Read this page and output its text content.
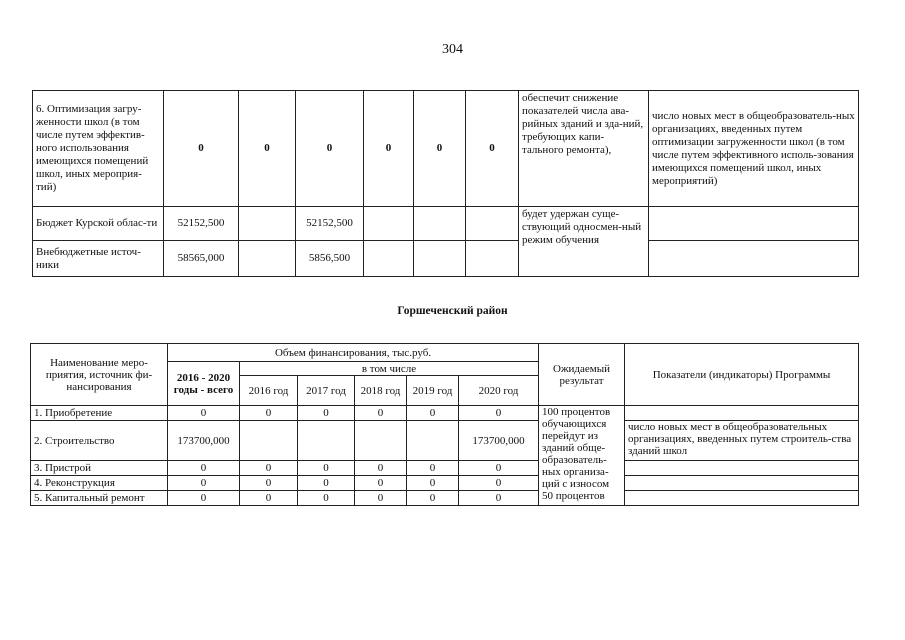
304
6. Оптимизация загру-женности школ (в том числе путем эффектив-ного использования имеющихся помещений школ, иных мероприя-тий)	0	0	0	0	0	0	обеспечит снижение показателей числа ава-рийных зданий и зда-ний, требующих капи-тального ремонта),	число новых мест в общеобразователь-ных организациях, введенных путем оптимизации загруженности школ (в том числе путем эффективного исполь-зования имеющихся помещений школ, иных мероприятий)
Бюджет Курской облас-ти	52152,500		52152,500				будет удержан суще-ствующий односмен-ный режим обучения	
Внебюджетные источ-ники	58565,000		5856,500					
Горшеченский район
Наименование меро-приятия, источник фи-нансирования	Объем финансирования, тыс.руб.						Ожидаемый результат	Показатели (индикаторы) Программы
	2016 - 2020 годы - всего	в том числе						
		2016 год	2017 год	2018 год	2019 год	2020 год		
1. Приобретение	0	0	0	0	0	0	100 процентов обучающихся перейдут из зданий обще-образователь-ных организа-ций с износом 50 процентов	
2. Строительство	173700,000					173700,000		число новых мест в общеобразовательных организациях, введенных путем строитель-ства зданий школ
3. Пристрой	0	0	0	0	0	0		
4. Реконструкция	0	0	0	0	0	0		
5. Капитальный ремонт	0	0	0	0	0	0		
